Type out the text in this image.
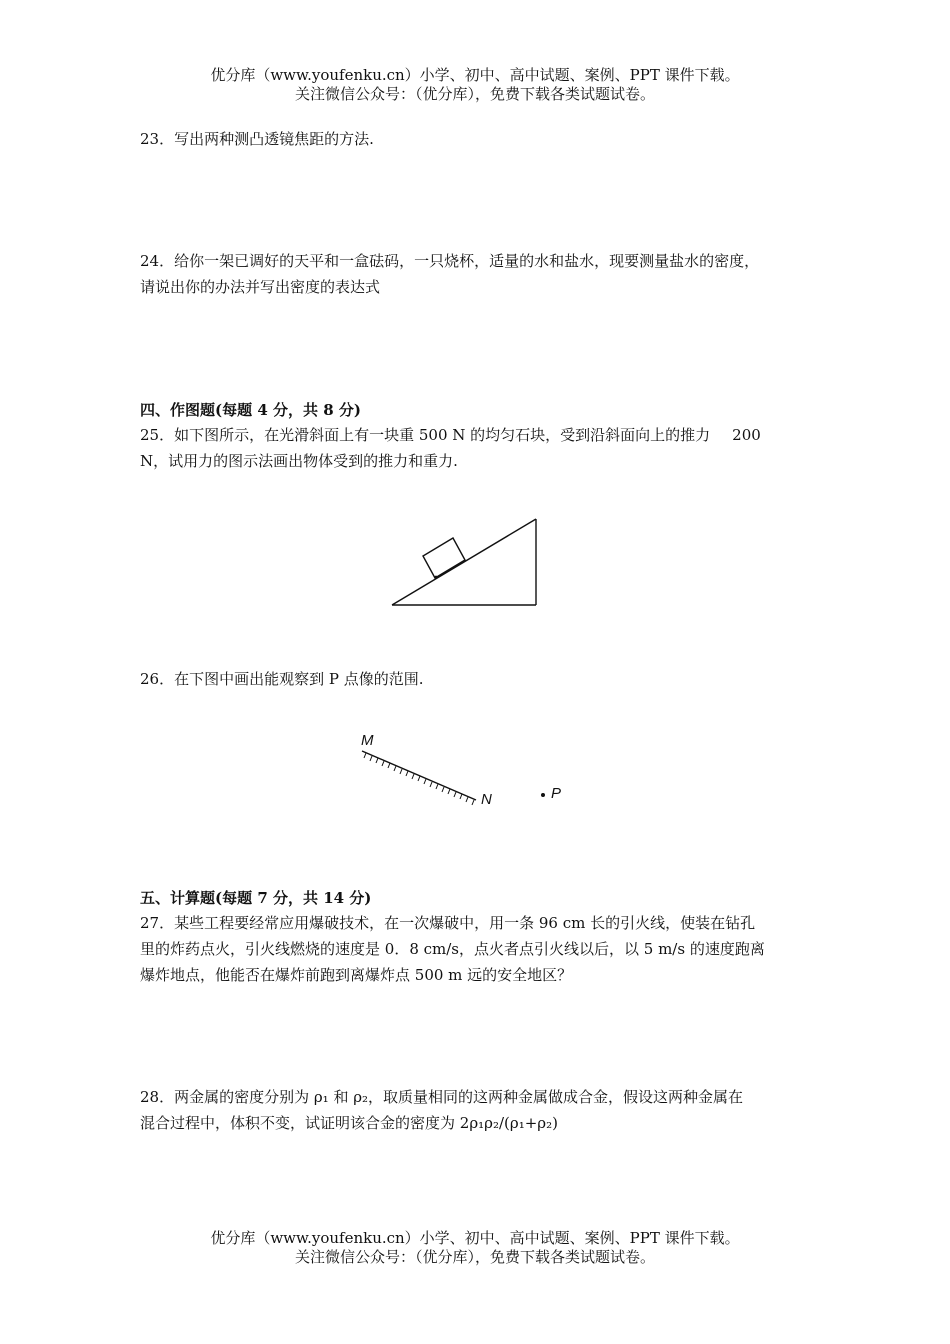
优分库（www.youfenku.cn）小学、初中、高中试题、案例、PPT 课件下载。
关注微信公众号：（优分库），免费下载各类试题试卷。
23．写出两种测凸透镜焦距的方法.
24．给你一架已调好的天平和一盒砝码，一只烧杯，适量的水和盐水，现要测量盐水的密度，
请说出你的办法并写出密度的表达式
四、作图题(每题 4 分，共 8 分)
25．如下图所示，在光滑斜面上有一块重 500 N 的均匀石块，受到沿斜面向上的推力 200
N，试用力的图示法画出物体受到的推力和重力.
26．在下图中画出能观察到 P 点像的范围.
M
N	P
五、计算题(每题 7 分，共 14 分)
27．某些工程要经常应用爆破技术，在一次爆破中，用一条 96 cm 长的引火线，使装在钻孔
里的炸药点火，引火线燃烧的速度是 0．8 cm/s，点火者点引火线以后，以 5 m/s 的速度跑离
爆炸地点，他能否在爆炸前跑到离爆炸点 500 m 远的安全地区？
28．两金属的密度分别为 ρ₁ 和 ρ₂，取质量相同的这两种金属做成合金，假设这两种金属在
混合过程中，体积不变，试证明该合金的密度为 2ρ₁ρ₂/(ρ₁+ρ₂)
优分库（www.youfenku.cn）小学、初中、高中试题、案例、PPT 课件下载。
关注微信公众号：（优分库），免费下载各类试题试卷。
